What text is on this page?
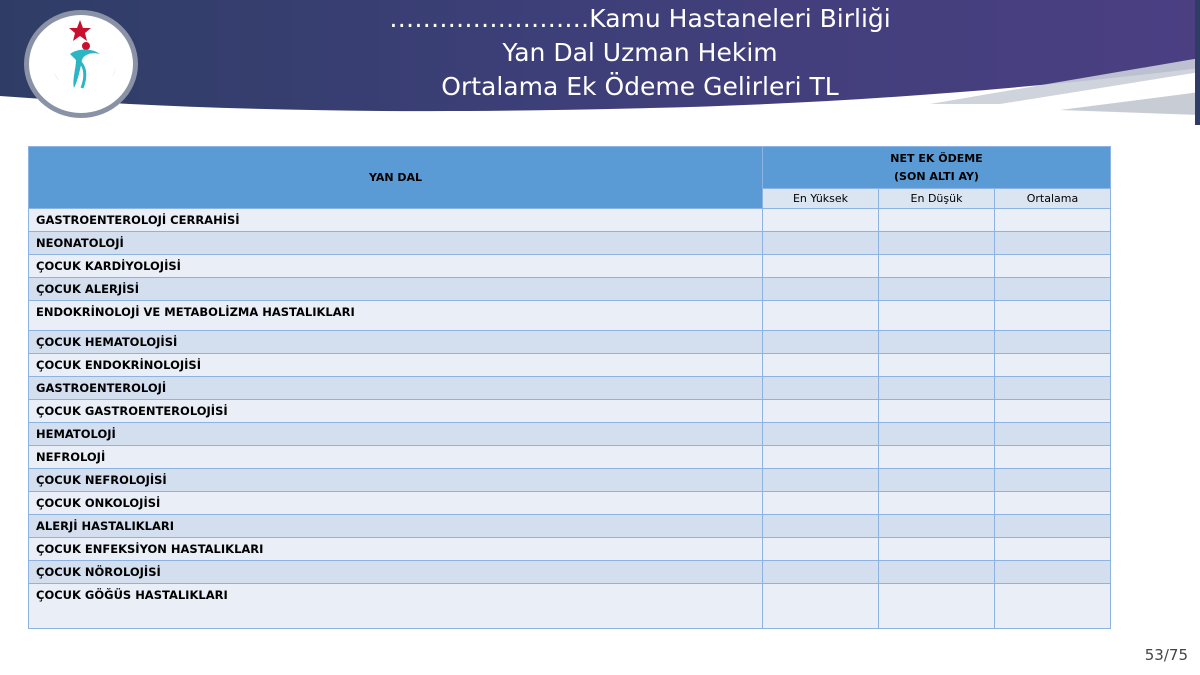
……………………Kamu Hastaneleri Birliği
Yan Dal Uzman Hekim
Ortalama Ek Ödeme Gelirleri TL
YAN DAL	NET EK ÖDEME
(SON ALTI AY)		

	En Yüksek	En Düşük	Ortalama
GASTROENTEROLOJİ CERRAHİSİ			
NEONATOLOJİ			
ÇOCUK KARDİYOLOJİSİ			
ÇOCUK ALERJİSİ			
ENDOKRİNOLOJİ VE METABOLİZMA HASTALIKLARI			
ÇOCUK HEMATOLOJİSİ			
ÇOCUK ENDOKRİNOLOJİSİ			
GASTROENTEROLOJİ			
ÇOCUK GASTROENTEROLOJİSİ			
HEMATOLOJİ			
NEFROLOJİ			
ÇOCUK NEFROLOJİSİ			
ÇOCUK ONKOLOJİSİ			
ALERJİ HASTALIKLARI			
ÇOCUK ENFEKSİYON HASTALIKLARI			
ÇOCUK NÖROLOJİSİ			
ÇOCUK GÖĞÜS HASTALIKLARI			
53/75
